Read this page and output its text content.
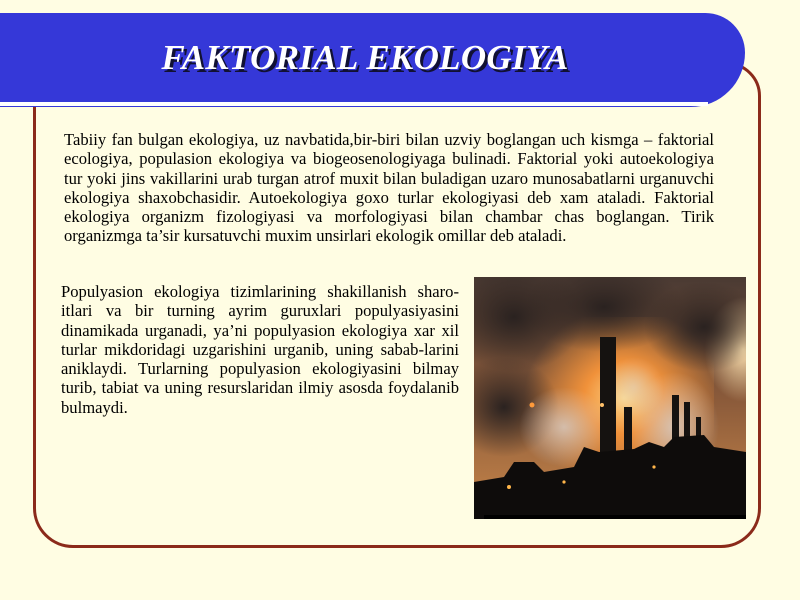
FAKTORIAL EKOLOGIYA

Tabiiy fan bulgan ekologiya, uz navbatida,bir-biri bilan uzviy boglangan uch kismga – faktorial ecologiya, populasion ekologiya va biogeosenologiyaga bulinadi. Faktorial yoki autoekologiya tur yoki jins vakillarini urab turgan atrof muxit bilan buladigan uzaro munosabatlarni urganuvchi ekologiya shaxobchasidir. Autoekologiya goxo turlar ekologiyasi deb xam ataladi. Faktorial ekologiya organizm fizologiyasi va morfologiyasi bilan chambar chas boglangan. Tirik organizmga ta’sir kursatuvchi muxim unsirlari ekologik omillar deb ataladi.

Populyasion ekologiya tizimlarining shakillanish sharo-itlari va bir turning ayrim guruxlari populyasiyasini dinamikada urganadi, ya’ni populyasion ekologiya xar xil turlar mikdoridagi uzgarishini urganib, uning sabab-larini aniklaydi. Turlarning populyasion ekologiyasini bilmay turib, tabiat va uning resurslaridan ilmiy asosda foydalanib bulmaydi.
